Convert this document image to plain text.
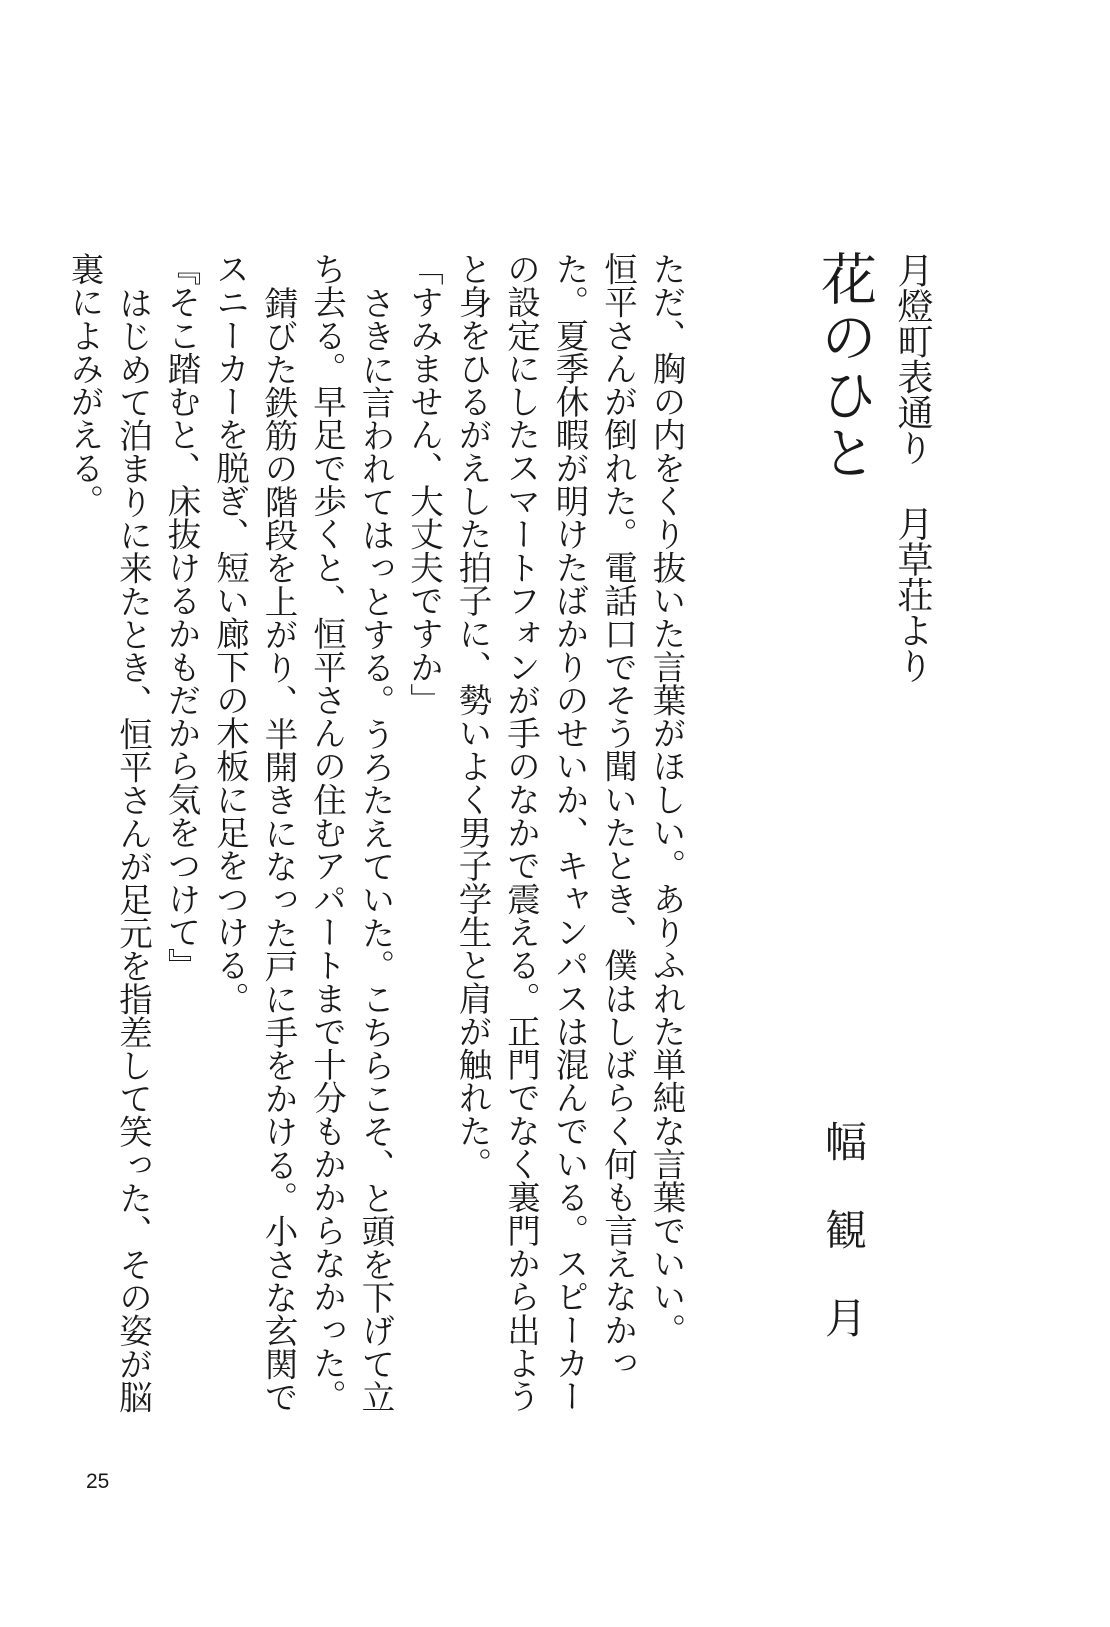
月燈町表通り 月草荘より
花のひと
幅観月

ただ、胸の内をくり抜いた言葉がほしい。ありふれた単純な言葉でいい。

恒平さんが倒れた。電話口でそう聞いたとき、僕はしばらく何も言えなかった。夏季休暇が明けたばかりのせいか、キャンパスは混んでいる。スピーカーの設定にしたスマートフォンが手のなかで震える。正門でなく裏門から出ようと身をひるがえした拍子に、勢いよく男子学生と肩が触れた。

「すみません、大丈夫ですか」

さきに言われてはっとする。うろたえていた。こちらこそ、と頭を下げて立ち去る。早足で歩くと、恒平さんの住むアパートまで十分もかからなかった。

錆びた鉄筋の階段を上がり、半開きになった戸に手をかける。小さな玄関でスニーカーを脱ぎ、短い廊下の木板に足をつける。

『そこ踏むと、床抜けるかもだから気をつけて』

はじめて泊まりに来たとき、恒平さんが足元を指差して笑った、その姿が脳裏によみがえる。

25
